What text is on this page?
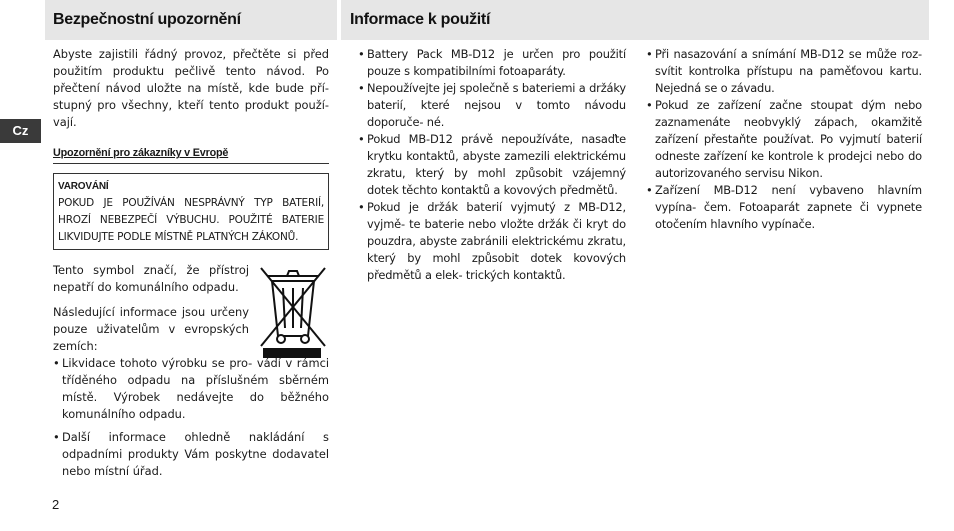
Bezpečnostní upozornění	Informace k použití
Cz

Abyste zajistili řádný provoz, přečtěte si před použitím produktu pečlivě tento návod. Po přečtení návod uložte na místě, kde bude pří- stupný pro všechny, kteří tento produkt použí- vají.

Upozornění pro zákazníky v Evropě

VAROVÁNÍ
POKUD JE POUŽÍVÁN NESPRÁVNÝ TYP BATERIÍ, HROZÍ NEBEZPEČÍ VÝBUCHU. POUŽITÉ BATERIE LIKVIDUJTE PODLE MÍSTNĚ PLATNÝCH ZÁKONŮ.

Tento symbol značí, že přístroj nepatří do komunálního odpadu.

Následující informace jsou určeny pouze uživatelům v evropských zemích:

• Likvidace tohoto výrobku se pro- vádí v rámci tříděného odpadu na příslušném sběrném místě. Výrobek nedávejte do běžného komunálního odpadu.
• Další informace ohledně nakládání s odpadními produkty Vám poskytne dodavatel nebo místní úřad.
• Battery Pack MB-D12 je určen pro použití pouze s kompatibilními fotoaparáty.
• Nepoužívejte jej společně s bateriemi a držáky baterií, které nejsou v tomto návodu doporuče- né.
• Pokud MB-D12 právě nepoužíváte, nasaďte krytku kontaktů, abyste zamezili elektrickému zkratu, který by mohl způsobit vzájemný dotek těchto kontaktů a kovových předmětů.
• Pokud je držák baterií vyjmutý z MB-D12, vyjmě- te baterie nebo vložte držák či kryt do pouzdra, abyste zabránili elektrickému zkratu, který by mohl způsobit dotek kovových předmětů a elek- trických kontaktů.
• Při nasazování a snímání MB-D12 se může roz- svítit kontrolka přístupu na paměťovou kartu. Nejedná se o závadu.
• Pokud ze zařízení začne stoupat dým nebo zaznamenáte neobvyklý zápach, okamžitě zařízení přestaňte používat. Po vyjmutí baterií odneste zařízení ke kontrole k prodejci nebo do autorizovaného servisu Nikon.
• Zařízení MB-D12 není vybaveno hlavním vypína- čem. Fotoaparát zapnete či vypnete otočením hlavního vypínače.
2
